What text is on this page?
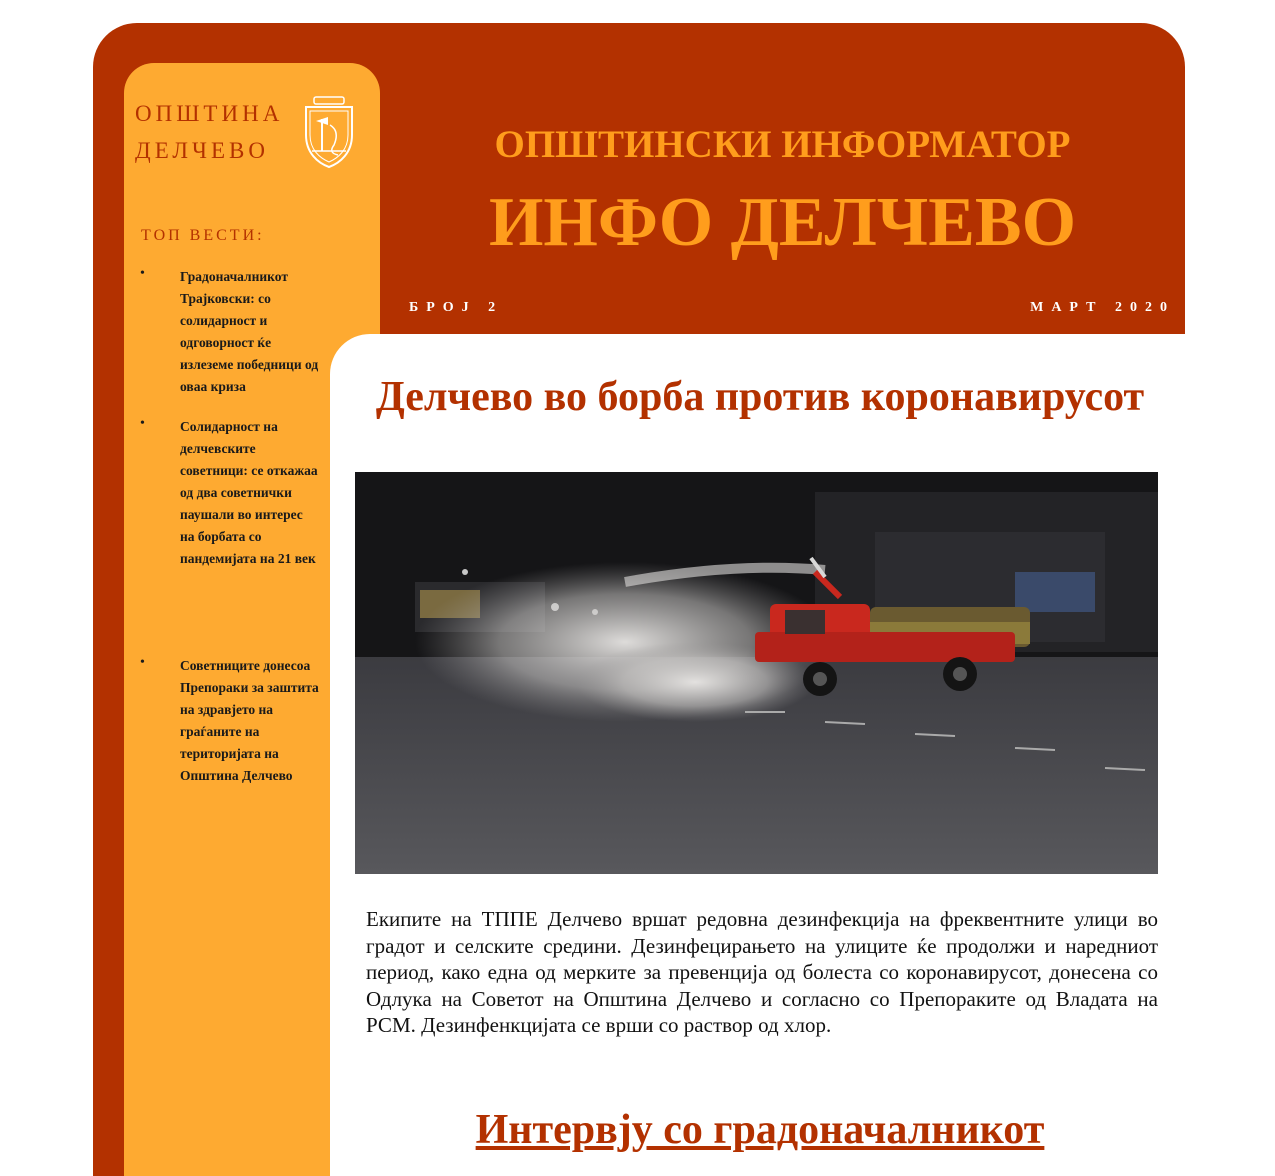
ОПШТИНА
ДЕЛЧЕВО
ТОП ВЕСТИ:
•	Градоначалникот Трајковски: со солидарност и одговорност ќе излеземе победници од оваа криза
•	Солидарност на делчевските советници: се откажаа од два советнички паушали во интерес на борбата со пандемијата на 21 век
•	Советниците донесоа Препораки за заштита на здравјето на граѓаните на територијата на Општина Делчево
ОПШТИНСКИ ИНФОРМАТОР
ИНФО ДЕЛЧЕВО
БРОЈ 2	МАРТ 2020
Делчево во борба против коронавирусот
Екипите на ТППЕ Делчево вршат редовна дезинфекција на фреквентните улици во градот и селските средини. Дезинфецирањето на улиците ќе продолжи и наредниот период, како една од мерките за превенција од болеста со коронавирусот, донесена со Одлука на Советот на Општина Делчево и согласно со Препораките од Владата на РСМ. Дезинфенкцијата се врши со раствор од хлор.
Интервју со градоначалникот
